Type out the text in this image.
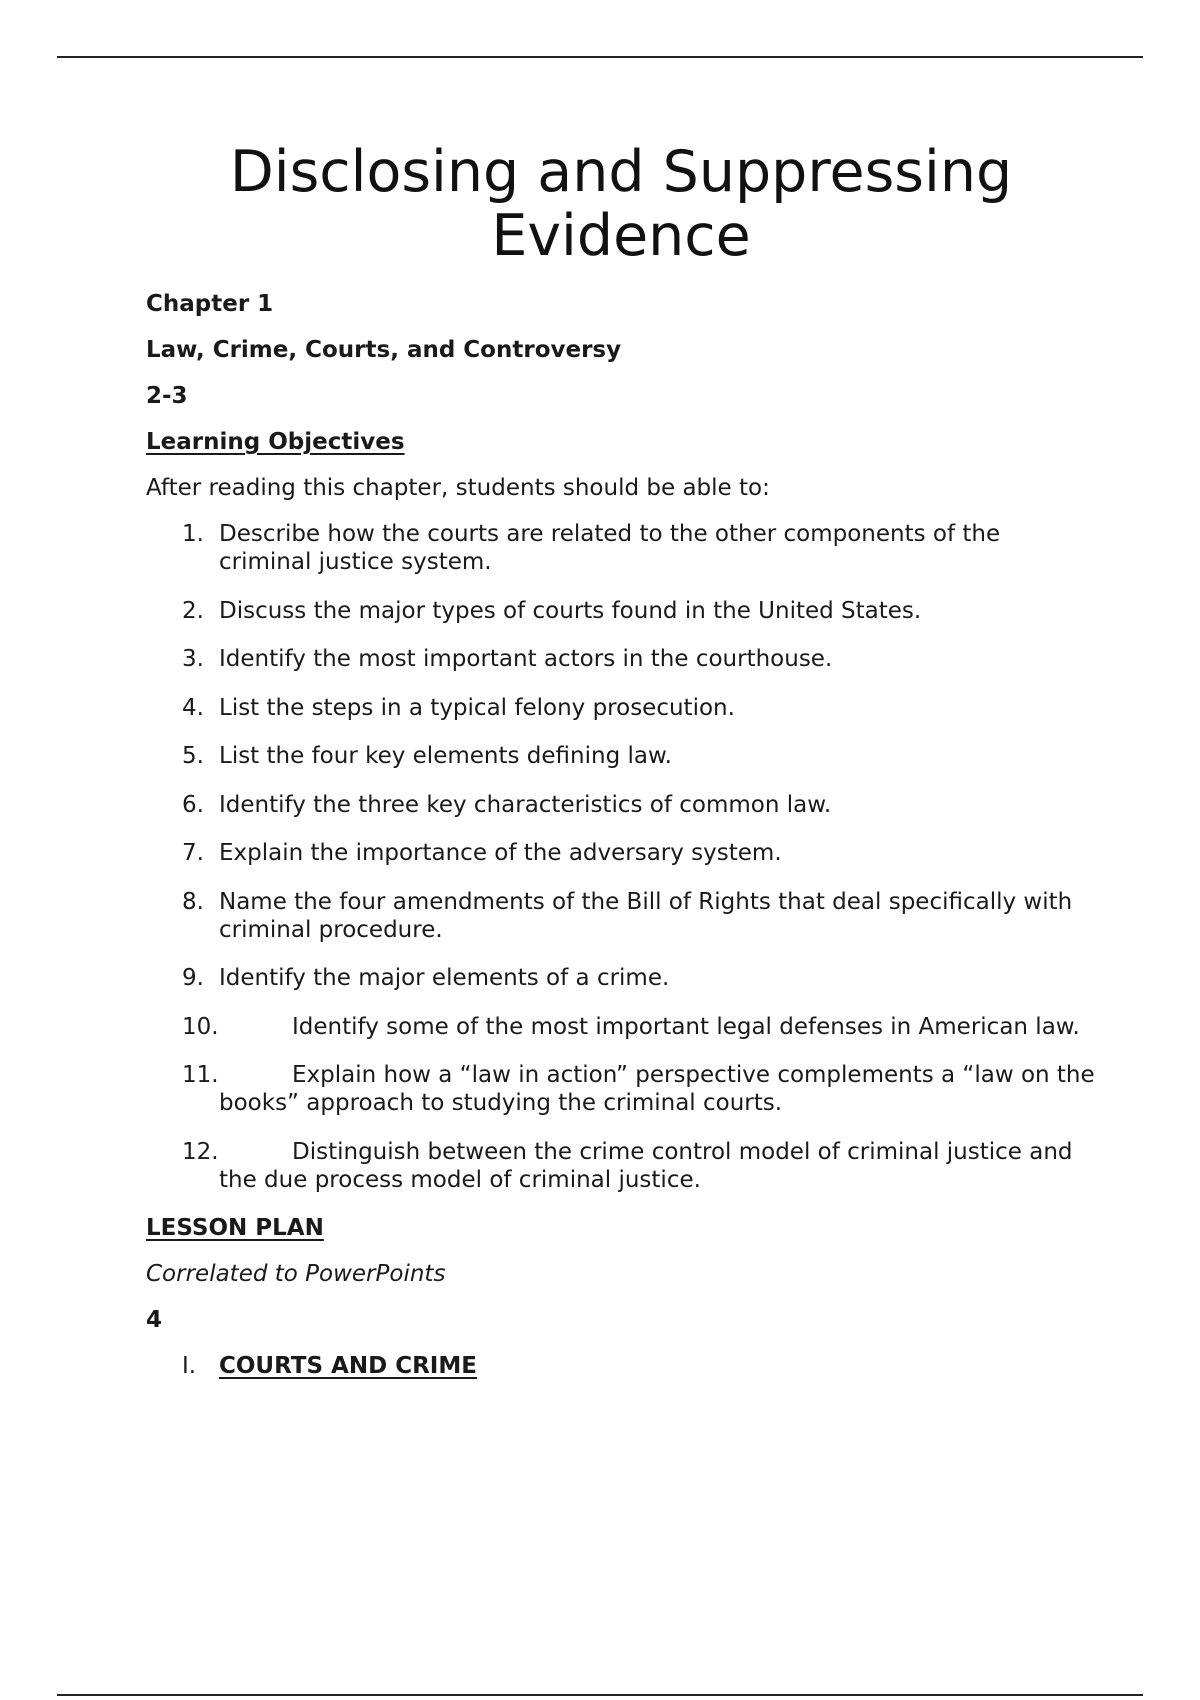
Disclosing and Suppressing
Evidence

Chapter 1

Law, Crime, Courts, and Controversy

2-3

Learning Objectives

After reading this chapter, students should be able to:

1. Describe how the courts are related to the other components of the criminal justice system.
2. Discuss the major types of courts found in the United States.
3. Identify the most important actors in the courthouse.
4. List the steps in a typical felony prosecution.
5. List the four key elements defining law.
6. Identify the three key characteristics of common law.
7. Explain the importance of the adversary system.
8. Name the four amendments of the Bill of Rights that deal specifically with criminal procedure.
9. Identify the major elements of a crime.
10.	Identify some of the most important legal defenses in American law.
11.	Explain how a “law in action” perspective complements a “law on the books” approach to studying the criminal courts.
12.	Distinguish between the crime control model of criminal justice and the due process model of criminal justice.

LESSON PLAN

Correlated to PowerPoints

4

I. COURTS AND CRIME
